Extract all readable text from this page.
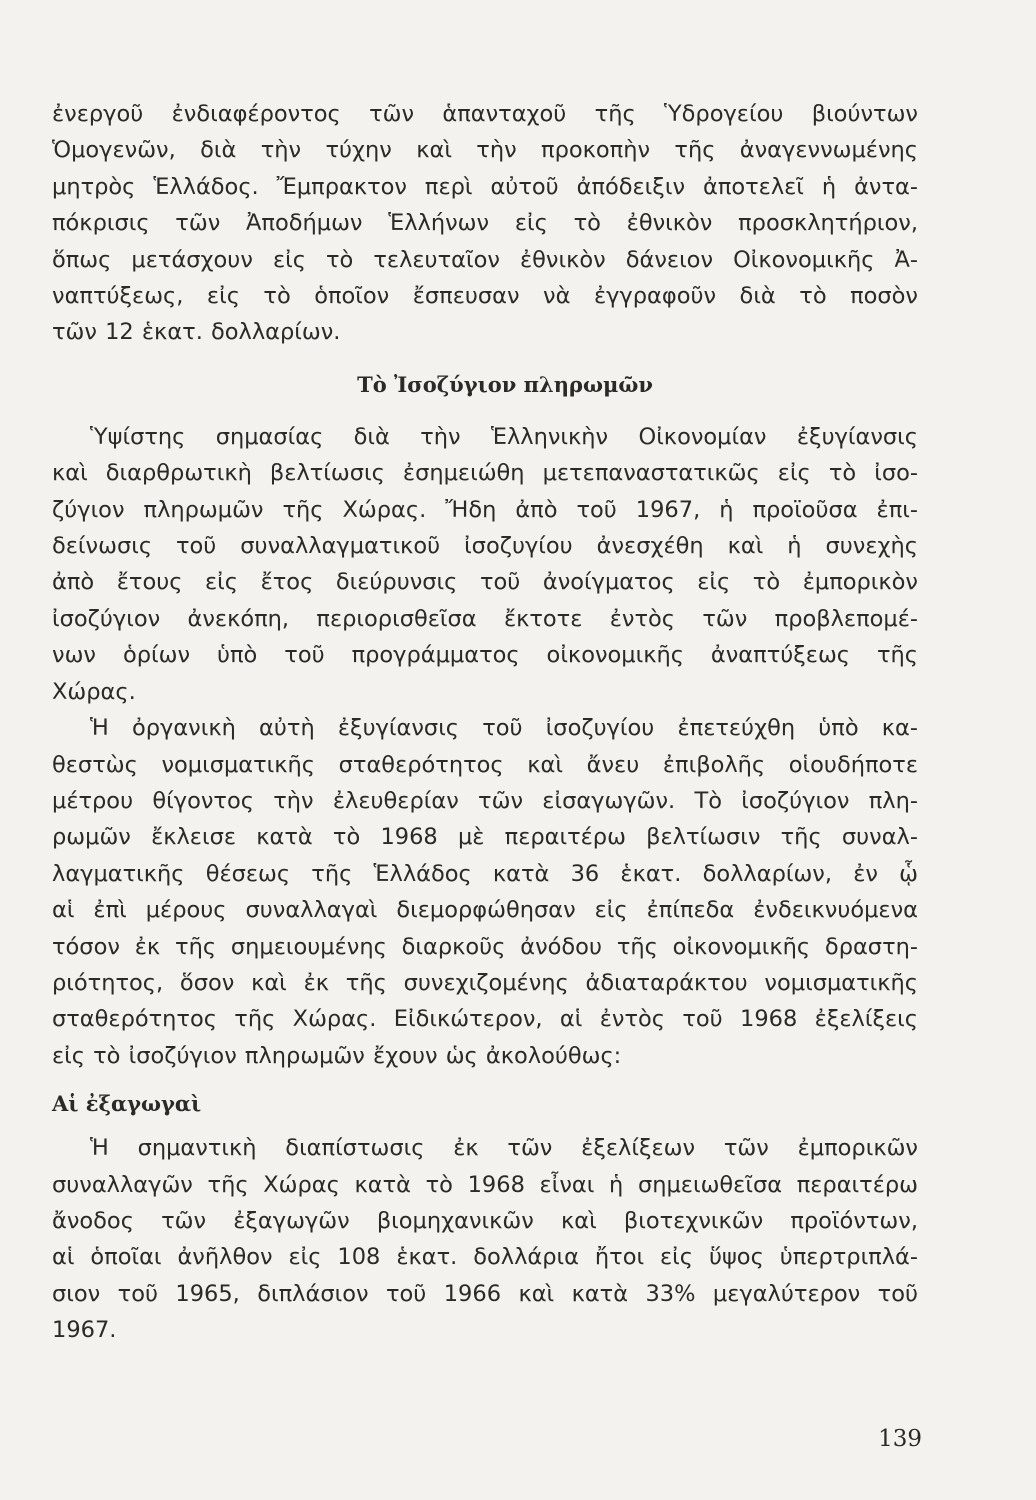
ἐνεργοῦ ἐνδιαφέροντος τῶν ἁπανταχοῦ τῆς Ὑδρογείου βιούντων
Ὁμογενῶν, διὰ τὴν τύχην καὶ τὴν προκοπὴν τῆς ἀναγεννωμένης
μητρὸς Ἑλλάδος. Ἔμπρακτον περὶ αὐτοῦ ἀπόδειξιν ἀποτελεῖ ἡ ἀντα-
πόκρισις τῶν Ἀποδήμων Ἑλλήνων εἰς τὸ ἐθνικὸν προσκλητήριον,
ὅπως μετάσχουν εἰς τὸ τελευταῖον ἐθνικὸν δάνειον Οἰκονομικῆς Ἀ-
ναπτύξεως, εἰς τὸ ὁποῖον ἔσπευσαν νὰ ἐγγραφοῦν διὰ τὸ ποσὸν
τῶν 12 ἑκατ. δολλαρίων.

Τὸ Ἰσοζύγιον πληρωμῶν

Ὑψίστης σημασίας διὰ τὴν Ἑλληνικὴν Οἰκονομίαν ἐξυγίανσις
καὶ διαρθρωτικὴ βελτίωσις ἐσημειώθη μετεπαναστατικῶς εἰς τὸ ἰσο-
ζύγιον πληρωμῶν τῆς Χώρας. Ἤδη ἀπὸ τοῦ 1967, ἡ προϊοῦσα ἐπι-
δείνωσις τοῦ συναλλαγματικοῦ ἰσοζυγίου ἀνεσχέθη καὶ ἡ συνεχὴς
ἀπὸ ἔτους εἰς ἔτος διεύρυνσις τοῦ ἀνοίγματος εἰς τὸ ἐμπορικὸν
ἰσοζύγιον ἀνεκόπη, περιορισθεῖσα ἔκτοτε ἐντὸς τῶν προβλεπομέ-
νων ὁρίων ὑπὸ τοῦ προγράμματος οἰκονομικῆς ἀναπτύξεως τῆς
Χώρας.

Ἡ ὀργανικὴ αὐτὴ ἐξυγίανσις τοῦ ἰσοζυγίου ἐπετεύχθη ὑπὸ κα-
θεστὼς νομισματικῆς σταθερότητος καὶ ἄνευ ἐπιβολῆς οἱουδήποτε
μέτρου θίγοντος τὴν ἐλευθερίαν τῶν εἰσαγωγῶν. Τὸ ἰσοζύγιον πλη-
ρωμῶν ἔκλεισε κατὰ τὸ 1968 μὲ περαιτέρω βελτίωσιν τῆς συναλ-
λαγματικῆς θέσεως τῆς Ἑλλάδος κατὰ 36 ἑκατ. δολλαρίων, ἐν ᾧ
αἱ ἐπὶ μέρους συναλλαγαὶ διεμορφώθησαν εἰς ἐπίπεδα ἐνδεικνυόμενα
τόσον ἐκ τῆς σημειουμένης διαρκοῦς ἀνόδου τῆς οἰκονομικῆς δραστη-
ριότητος, ὅσον καὶ ἐκ τῆς συνεχιζομένης ἀδιαταράκτου νομισματικῆς
σταθερότητος τῆς Χώρας. Εἰδικώτερον, αἱ ἐντὸς τοῦ 1968 ἐξελίξεις
εἰς τὸ ἰσοζύγιον πληρωμῶν ἔχουν ὡς ἀκολούθως:

Αἱ ἐξαγωγαὶ

Ἡ σημαντικὴ διαπίστωσις ἐκ τῶν ἐξελίξεων τῶν ἐμπορικῶν
συναλλαγῶν τῆς Χώρας κατὰ τὸ 1968 εἶναι ἡ σημειωθεῖσα περαιτέρω
ἄνοδος τῶν ἐξαγωγῶν βιομηχανικῶν καὶ βιοτεχνικῶν προϊόντων,
αἱ ὁποῖαι ἀνῆλθον εἰς 108 ἑκατ. δολλάρια ἤτοι εἰς ὕψος ὑπερτριπλά-
σιον τοῦ 1965, διπλάσιον τοῦ 1966 καὶ κατὰ 33% μεγαλύτερον τοῦ
1967.

139
